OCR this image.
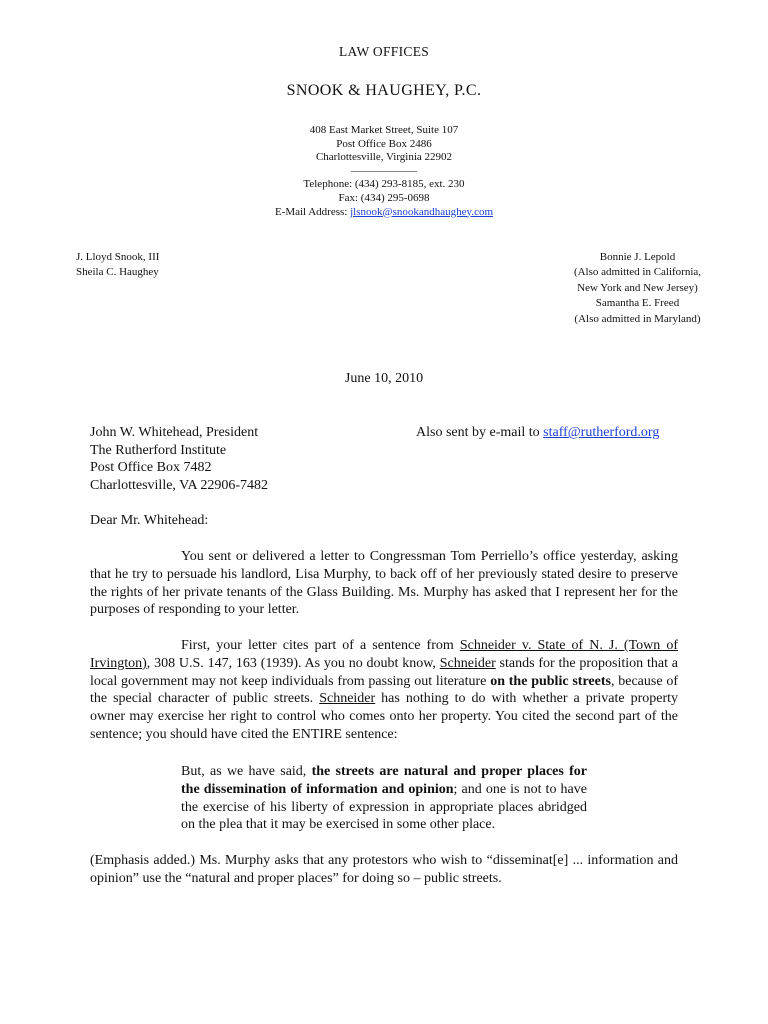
LAW OFFICES
SNOOK & HAUGHEY, P.C.
408 East Market Street, Suite 107
Post Office Box 2486
Charlottesville, Virginia 22902
——————
Telephone: (434) 293-8185, ext. 230
Fax: (434) 295-0698
E-Mail Address: jlsnook@snookandhaughey.com
J. Lloyd Snook, III
Sheila C. Haughey
Bonnie J. Lepold
(Also admitted in California,
New York and New Jersey)
Samantha E. Freed
(Also admitted in Maryland)
June 10, 2010
John W. Whitehead, President
The Rutherford Institute
Post Office Box 7482
Charlottesville, VA 22906-7482
Also sent by e-mail to staff@rutherford.org
Dear Mr. Whitehead:
You sent or delivered a letter to Congressman Tom Perriello’s office yesterday, asking that he try to persuade his landlord, Lisa Murphy, to back off of her previously stated desire to preserve the rights of her private tenants of the Glass Building. Ms. Murphy has asked that I represent her for the purposes of responding to your letter.
First, your letter cites part of a sentence from Schneider v. State of N. J. (Town of Irvington), 308 U.S. 147, 163 (1939). As you no doubt know, Schneider stands for the proposition that a local government may not keep individuals from passing out literature on the public streets, because of the special character of public streets. Schneider has nothing to do with whether a private property owner may exercise her right to control who comes onto her property. You cited the second part of the sentence; you should have cited the ENTIRE sentence:
But, as we have said, the streets are natural and proper places for the dissemination of information and opinion; and one is not to have the exercise of his liberty of expression in appropriate places abridged on the plea that it may be exercised in some other place.
(Emphasis added.) Ms. Murphy asks that any protestors who wish to “disseminat[e] ... information and opinion” use the “natural and proper places” for doing so – public streets.
